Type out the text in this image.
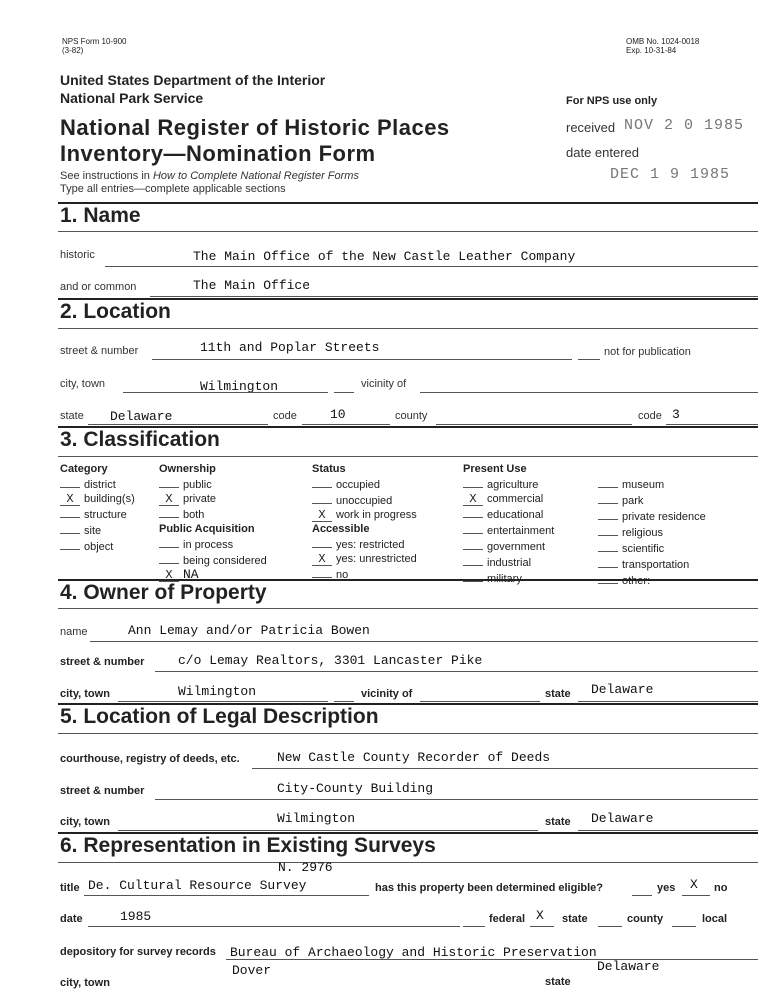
NPS Form 10-900
(3-82)
OMB No. 1024-0018
Exp. 10-31-84
United States Department of the Interior
National Park Service
National Register of Historic Places
Inventory—Nomination Form
See instructions in How to Complete National Register Forms
Type all entries—complete applicable sections
For NPS use only
received NOV 2 0 1985
date entered
DEC 1 9 1985
1. Name
historic	The Main Office of the New Castle Leather Company
and or common	The Main Office
2. Location
street & number	11th and Poplar Streets	not for publication
city, town	Wilmington	vicinity of
state Delaware	code	10	county	code 3
3. Classification
Category
district
X building(s)
structure
site
object
Ownership
public
X private
both
Public Acquisition
in process
being considered
X NA
Status
occupied
unoccupied
X work in progress
Accessible
yes: restricted
X yes: unrestricted
no
Present Use
agriculture
X commercial
educational
entertainment
government
industrial
military
museum
park
private residence
religious
scientific
transportation
other:
4. Owner of Property
name	Ann Lemay and/or Patricia Bowen
street & number	c/o Lemay Realtors, 3301 Lancaster Pike
city, town	Wilmington	vicinity of	state Delaware
5. Location of Legal Description
courthouse, registry of deeds, etc.	New Castle County Recorder of Deeds
street & number	City-County Building
city, town	Wilmington	state Delaware
6. Representation in Existing Surveys
N. 2976
title De. Cultural Resource Survey	has this property been determined eligible?	yes X no
date	1985	federal X state	county	local
depository for survey records Bureau of Archaeology and Historic Preservation
city, town
Dover
state
Delaware
